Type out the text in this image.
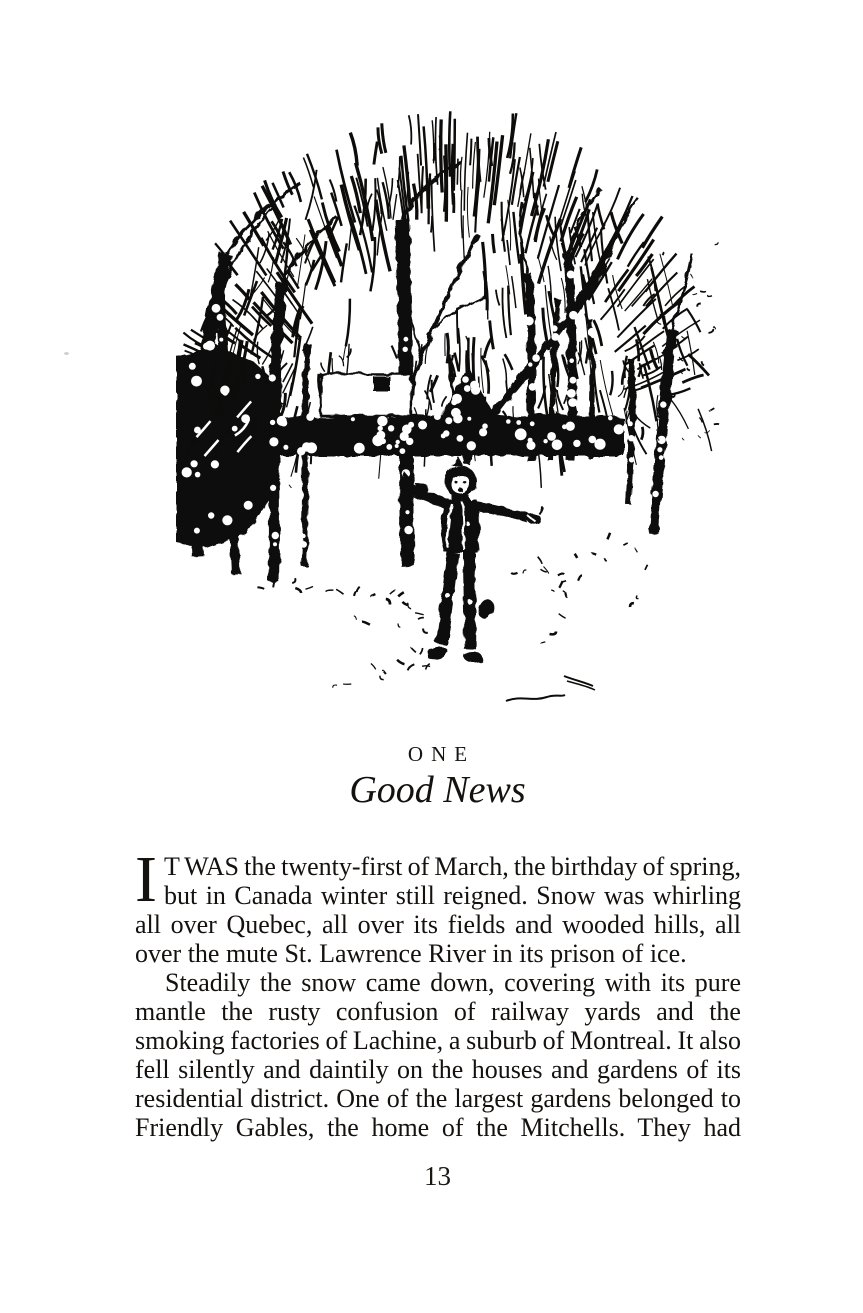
ONE
Good News
I T WAS the twenty-first of March, the birthday of spring,
but in Canada winter still reigned. Snow was whirling
all over Quebec, all over its fields and wooded hills, all
over the mute St. Lawrence River in its prison of ice.
Steadily the snow came down, covering with its pure
mantle the rusty confusion of railway yards and the
smoking factories of Lachine, a suburb of Montreal. It also
fell silently and daintily on the houses and gardens of its
residential district. One of the largest gardens belonged to
Friendly Gables, the home of the Mitchells. They had
13
